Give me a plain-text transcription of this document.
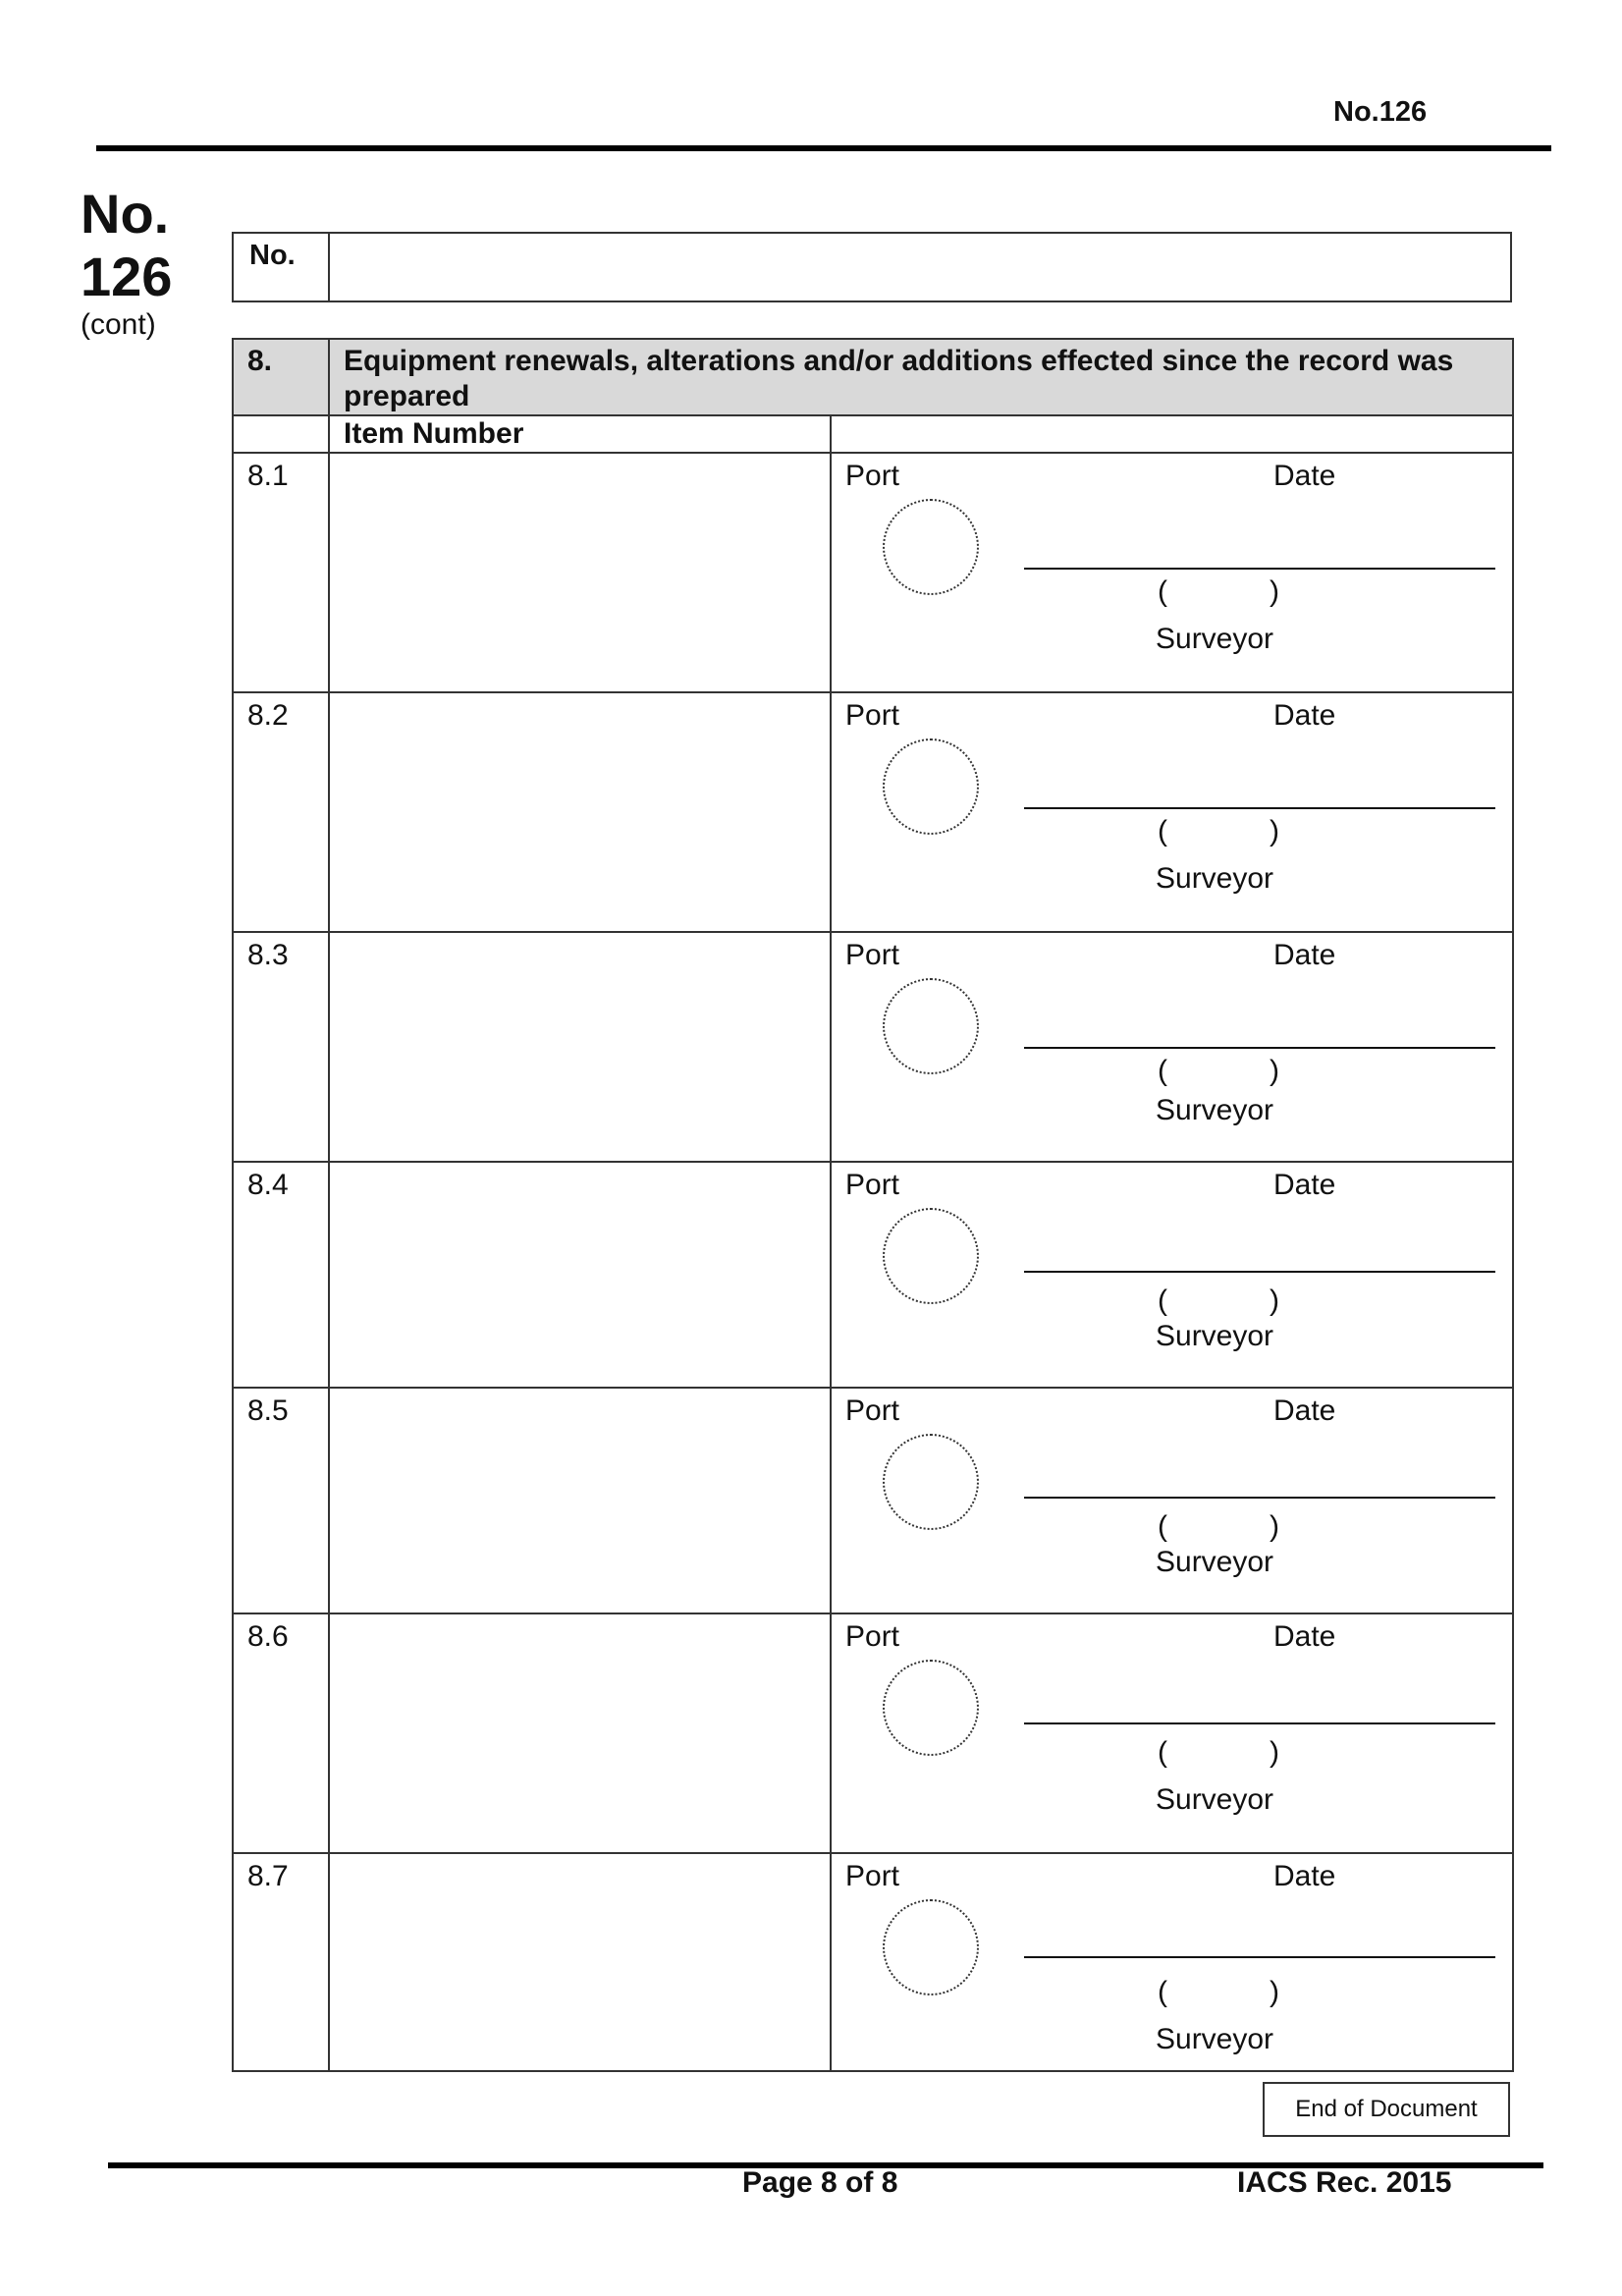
No.126
No.
126
(cont)
No.
8.	Equipment renewals, alterations and/or additions effected since the record was prepared	

	Item Number	

8.1		Port Date
( )
Surveyor

8.2		Port Date
( )
Surveyor

8.3		Port Date
( )
Surveyor

8.4		Port Date
( )
Surveyor

8.5		Port Date
( )
Surveyor

8.6		Port Date
( )
Surveyor

8.7		Port Date
( )
Surveyor
End of Document
Page 8 of 8	IACS Rec. 2015
